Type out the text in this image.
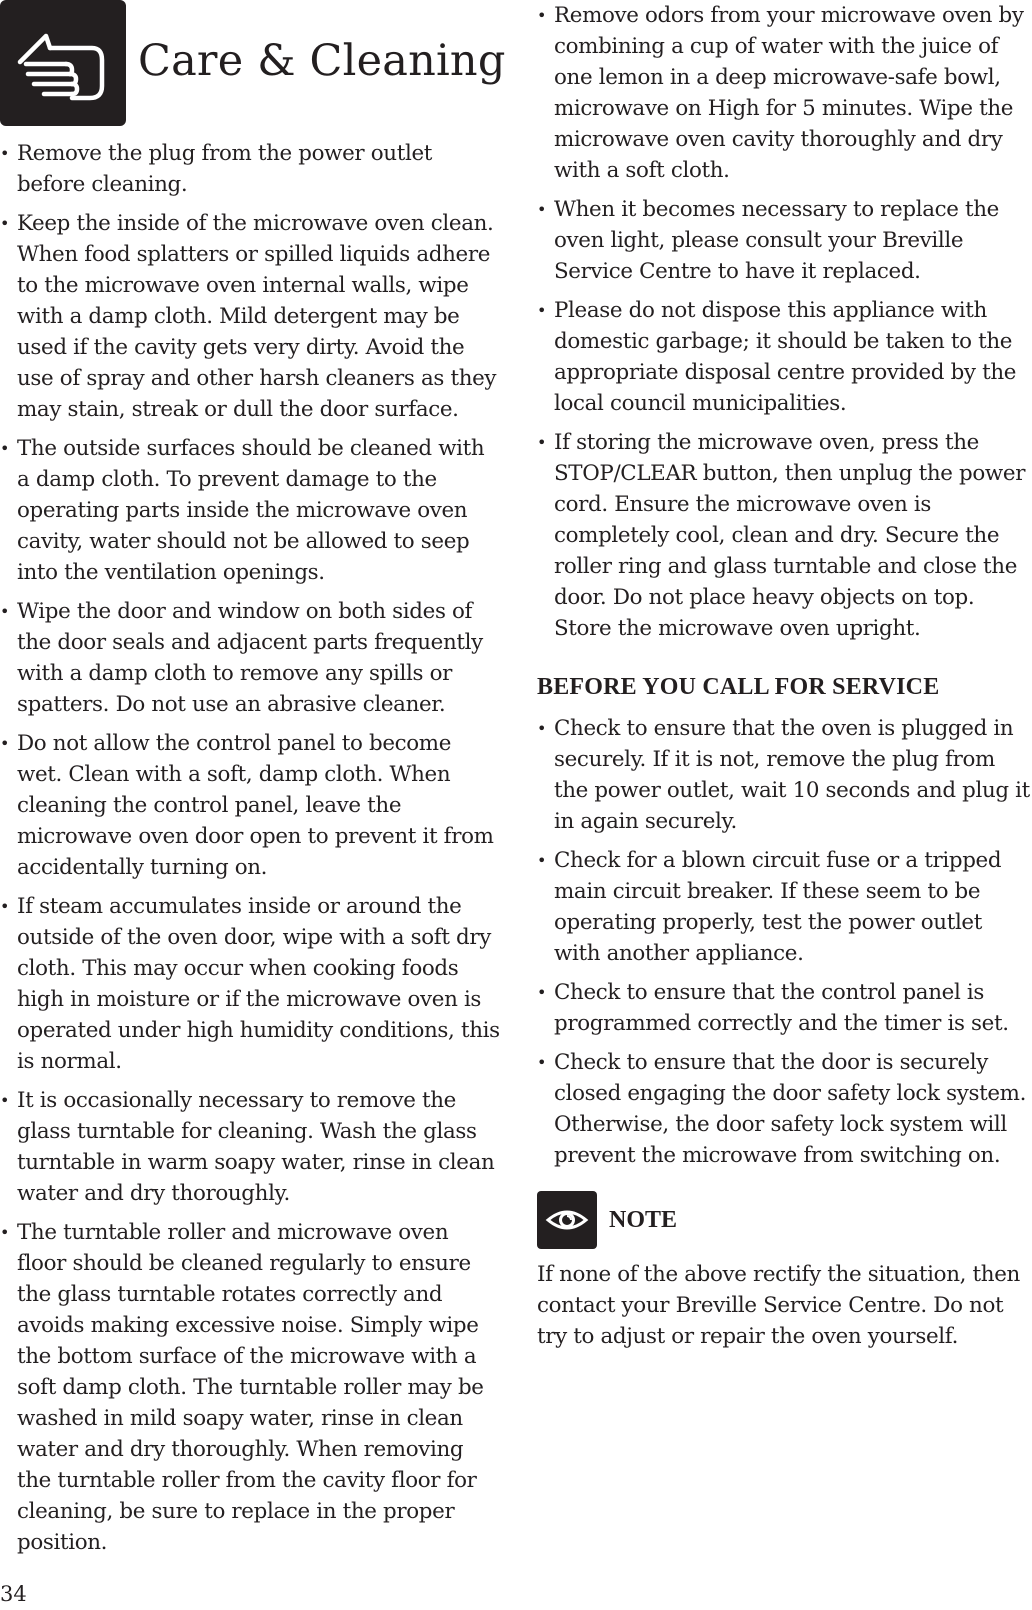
Care & Cleaning
• Remove the plug from the power outlet before cleaning.
• Keep the inside of the microwave oven clean. When food splatters or spilled liquids adhere to the microwave oven internal walls, wipe with a damp cloth. Mild detergent may be used if the cavity gets very dirty. Avoid the use of spray and other harsh cleaners as they may stain, streak or dull the door surface.
• The outside surfaces should be cleaned with a damp cloth. To prevent damage to the operating parts inside the microwave oven cavity, water should not be allowed to seep into the ventilation openings.
• Wipe the door and window on both sides of the door seals and adjacent parts frequently with a damp cloth to remove any spills or spatters. Do not use an abrasive cleaner.
• Do not allow the control panel to become wet. Clean with a soft, damp cloth. When cleaning the control panel, leave the microwave oven door open to prevent it from accidentally turning on.
• If steam accumulates inside or around the outside of the oven door, wipe with a soft dry cloth. This may occur when cooking foods high in moisture or if the microwave oven is operated under high humidity conditions, this is normal.
• It is occasionally necessary to remove the glass turntable for cleaning. Wash the glass turntable in warm soapy water, rinse in clean water and dry thoroughly.
• The turntable roller and microwave oven floor should be cleaned regularly to ensure the glass turntable rotates correctly and avoids making excessive noise. Simply wipe the bottom surface of the microwave with a soft damp cloth. The turntable roller may be washed in mild soapy water, rinse in clean water and dry thoroughly. When removing the turntable roller from the cavity floor for cleaning, be sure to replace in the proper position.
• Remove odors from your microwave oven by combining a cup of water with the juice of one lemon in a deep microwave-safe bowl, microwave on High for 5 minutes. Wipe the microwave oven cavity thoroughly and dry with a soft cloth.
• When it becomes necessary to replace the oven light, please consult your Breville Service Centre to have it replaced.
• Please do not dispose this appliance with domestic garbage; it should be taken to the appropriate disposal centre provided by the local council municipalities.
• If storing the microwave oven, press the STOP/CLEAR button, then unplug the power cord. Ensure the microwave oven is completely cool, clean and dry. Secure the roller ring and glass turntable and close the door. Do not place heavy objects on top. Store the microwave oven upright.
BEFORE YOU CALL FOR SERVICE
• Check to ensure that the oven is plugged in securely. If it is not, remove the plug from the power outlet, wait 10 seconds and plug it in again securely.
• Check for a blown circuit fuse or a tripped main circuit breaker. If these seem to be operating properly, test the power outlet with another appliance.
• Check to ensure that the control panel is programmed correctly and the timer is set.
• Check to ensure that the door is securely closed engaging the door safety lock system. Otherwise, the door safety lock system will prevent the microwave from switching on.
NOTE
If none of the above rectify the situation, then contact your Breville Service Centre. Do not try to adjust or repair the oven yourself.
34
